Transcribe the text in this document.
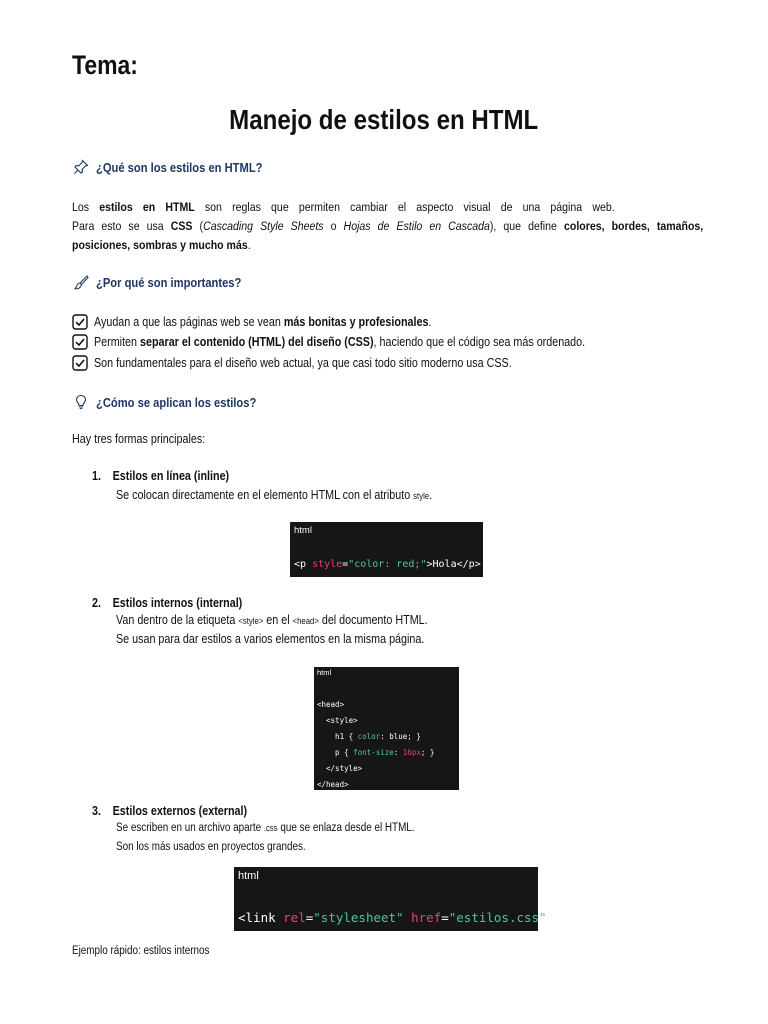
Tema:
Manejo de estilos en HTML
¿Qué son los estilos en HTML?
Los estilos en HTML son reglas que permiten cambiar el aspecto visual de una página web.
Para esto se usa CSS (Cascading Style Sheets o Hojas de Estilo en Cascada), que define colores, bordes, tamaños,
posiciones, sombras y mucho más.
¿Por qué son importantes?
Ayudan a que las páginas web se vean más bonitas y profesionales.
Permiten separar el contenido (HTML) del diseño (CSS), haciendo que el código sea más ordenado.
Son fundamentales para el diseño web actual, ya que casi todo sitio moderno usa CSS.
¿Cómo se aplican los estilos?
Hay tres formas principales:
1. Estilos en línea (inline)
Se colocan directamente en el elemento HTML con el atributo style.
html
<p style="color: red;">Hola</p>
2. Estilos internos (internal)
Van dentro de la etiqueta <style> en el <head> del documento HTML.
Se usan para dar estilos a varios elementos en la misma página.
html
<head>
<style>
h1 { color: blue; }
p { font-size: 16px; }
</style>
</head>
3. Estilos externos (external)
Se escriben en un archivo aparte .css que se enlaza desde el HTML.
Son los más usados en proyectos grandes.
html
<link rel="stylesheet" href="estilos.css">
Ejemplo rápido: estilos internos
